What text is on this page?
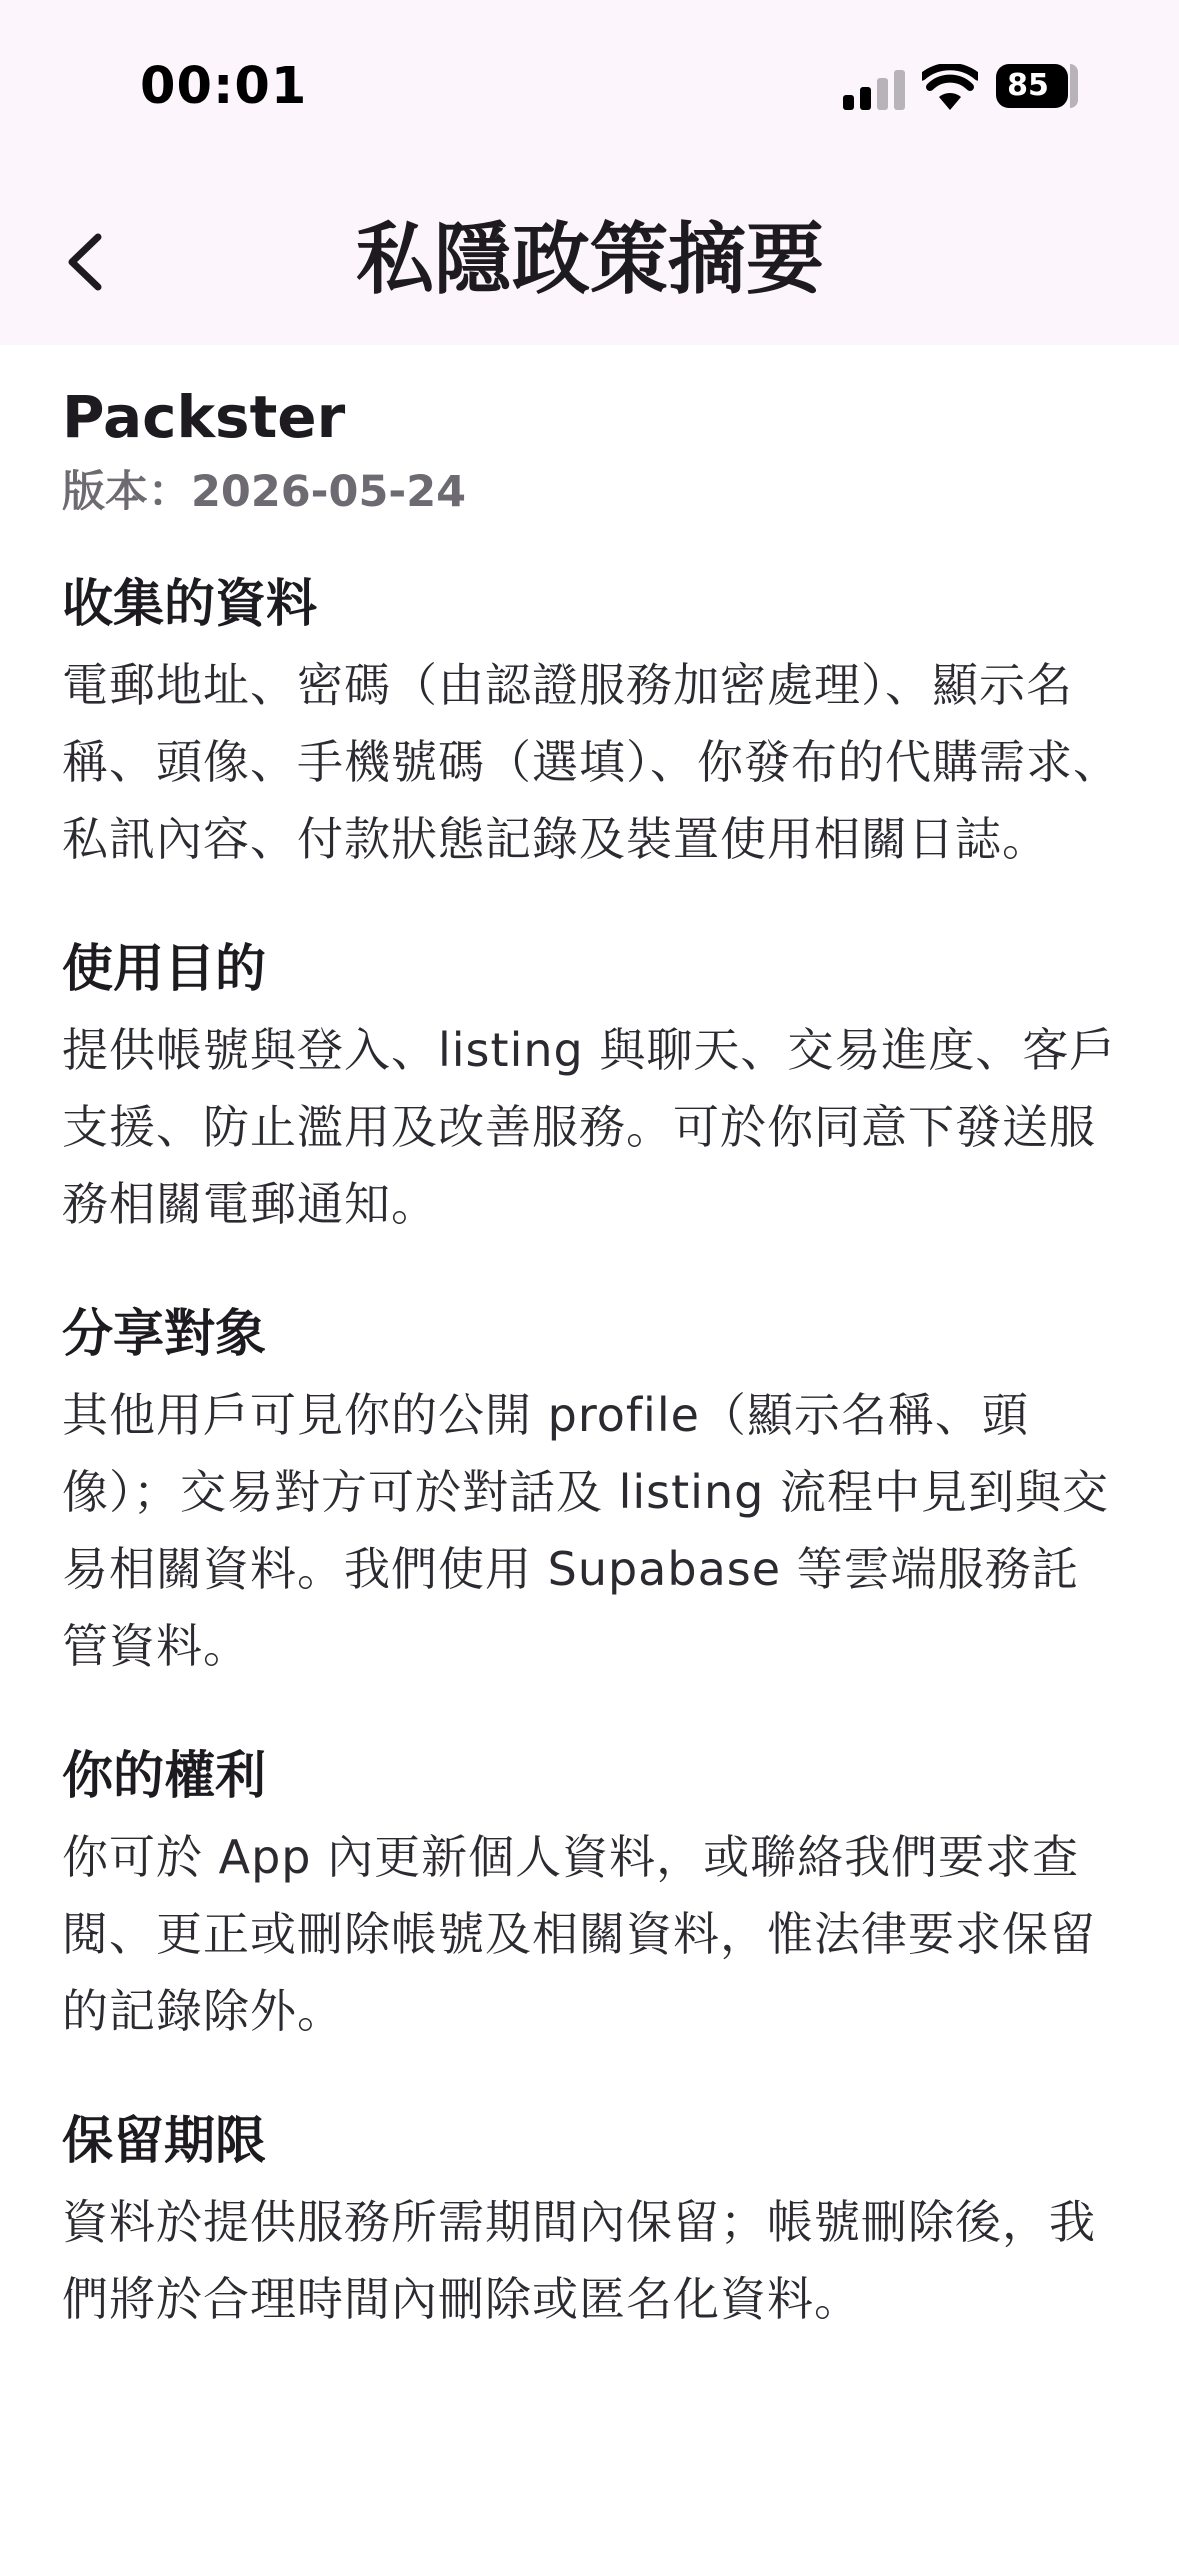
00:01	85
私隱政策摘要
Packster
版本：2026-05-24
收集的資料
電郵地址、密碼（由認證服務加密處理）、顯示名稱、頭像、手機號碼（選填）、你發布的代購需求、私訊內容、付款狀態記錄及裝置使用相關日誌。
使用目的
提供帳號與登入、listing 與聊天、交易進度、客戶支援、防止濫用及改善服務。可於你同意下發送服務相關電郵通知。
分享對象
其他用戶可見你的公開 profile（顯示名稱、頭像）；交易對方可於對話及 listing 流程中見到與交易相關資料。我們使用 Supabase 等雲端服務託管資料。
你的權利
你可於 App 內更新個人資料，或聯絡我們要求查閱、更正或刪除帳號及相關資料，惟法律要求保留的記錄除外。
保留期限
資料於提供服務所需期間內保留；帳號刪除後，我們將於合理時間內刪除或匿名化資料。
